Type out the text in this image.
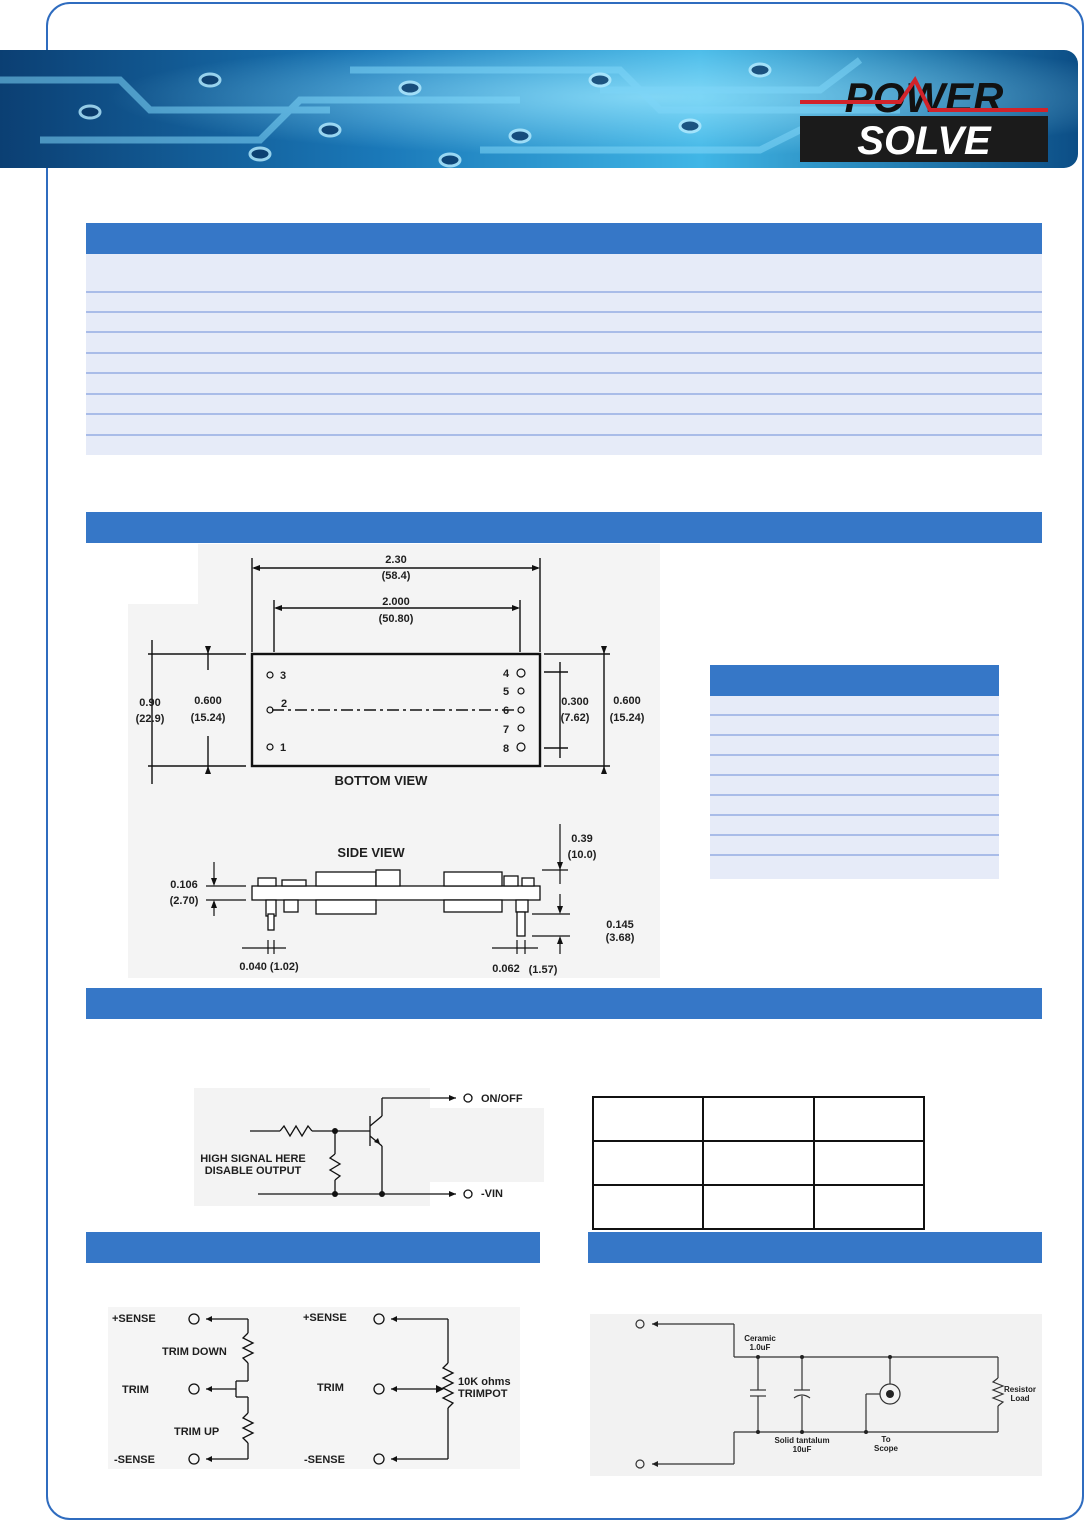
SOLVE
POWER
2.30
(58.4)
2.000
(50.80)
0.90
(22.9)
0.600
(15.24)
0.300
(7.62)
0.600
(15.24)
3
2
1
4
5
6
7
8
BOTTOM VIEW
SIDE VIEW
0.39
(10.0)
0.106
(2.70)
0.145
(3.68)
0.040 (1.02)	0.062 (1.57)
ON/OFF
-VIN
HIGH SIGNAL HERE
DISABLE OUTPUT

+SENSE
TRIM
-SENSE
TRIM DOWN
TRIM UP
+SENSE
TRIM
-SENSE
10K ohms
TRIMPOT
Ceramic
1.0uF
Solid tantalum
10uF
To
Scope
Resistor
Load
